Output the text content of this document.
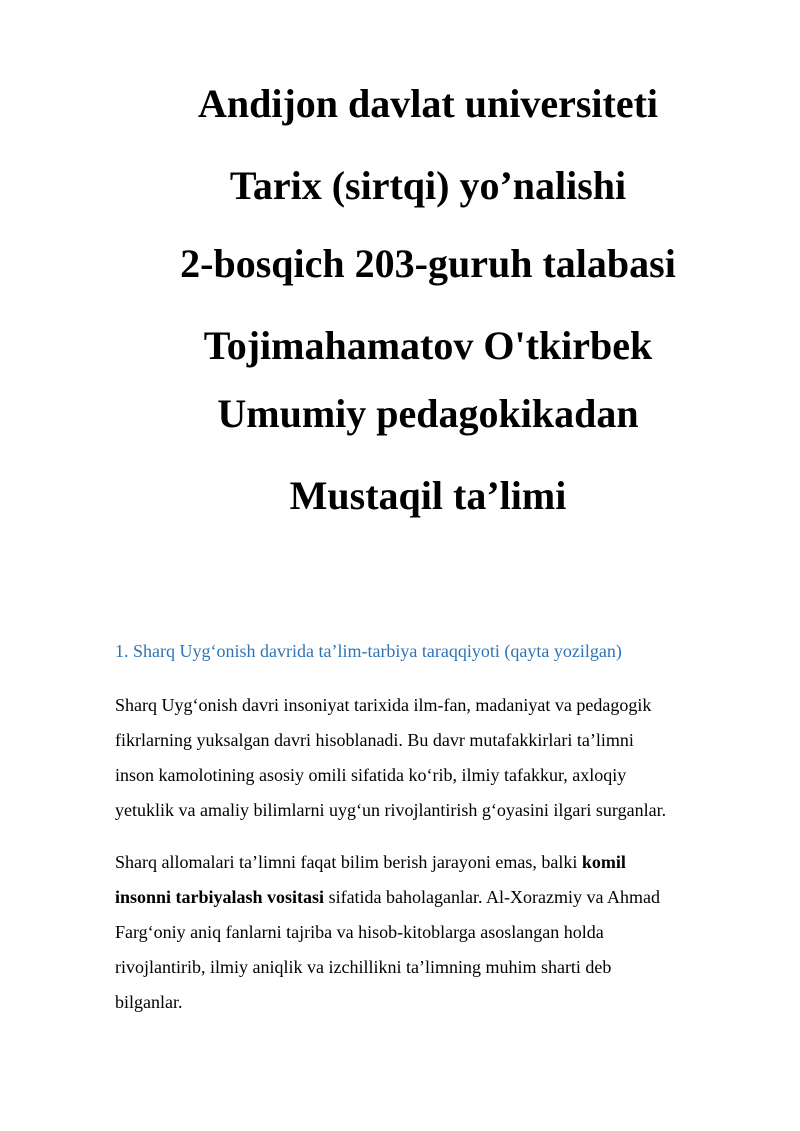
Andijon davlat universiteti

Tarix (sirtqi) yo’nalishi

2-bosqich 203-guruh talabasi

Tojimahamatov O'tkirbek

Umumiy pedagokikadan

Mustaqil ta’limi

1. Sharq Uyg‘onish davrida ta’lim-tarbiya taraqqiyoti (qayta yozilgan)

Sharq Uyg‘onish davri insoniyat tarixida ilm-fan, madaniyat va pedagogik
fikrlarning yuksalgan davri hisoblanadi. Bu davr mutafakkirlari ta’limni
inson kamolotining asosiy omili sifatida ko‘rib, ilmiy tafakkur, axloqiy
yetuklik va amaliy bilimlarni uyg‘un rivojlantirish g‘oyasini ilgari surganlar.

Sharq allomalari ta’limni faqat bilim berish jarayoni emas, balki komil
insonni tarbiyalash vositasi sifatida baholaganlar. Al-Xorazmiy va Ahmad
Farg‘oniy aniq fanlarni tajriba va hisob-kitoblarga asoslangan holda
rivojlantirib, ilmiy aniqlik va izchillikni ta’limning muhim sharti deb
bilganlar.
